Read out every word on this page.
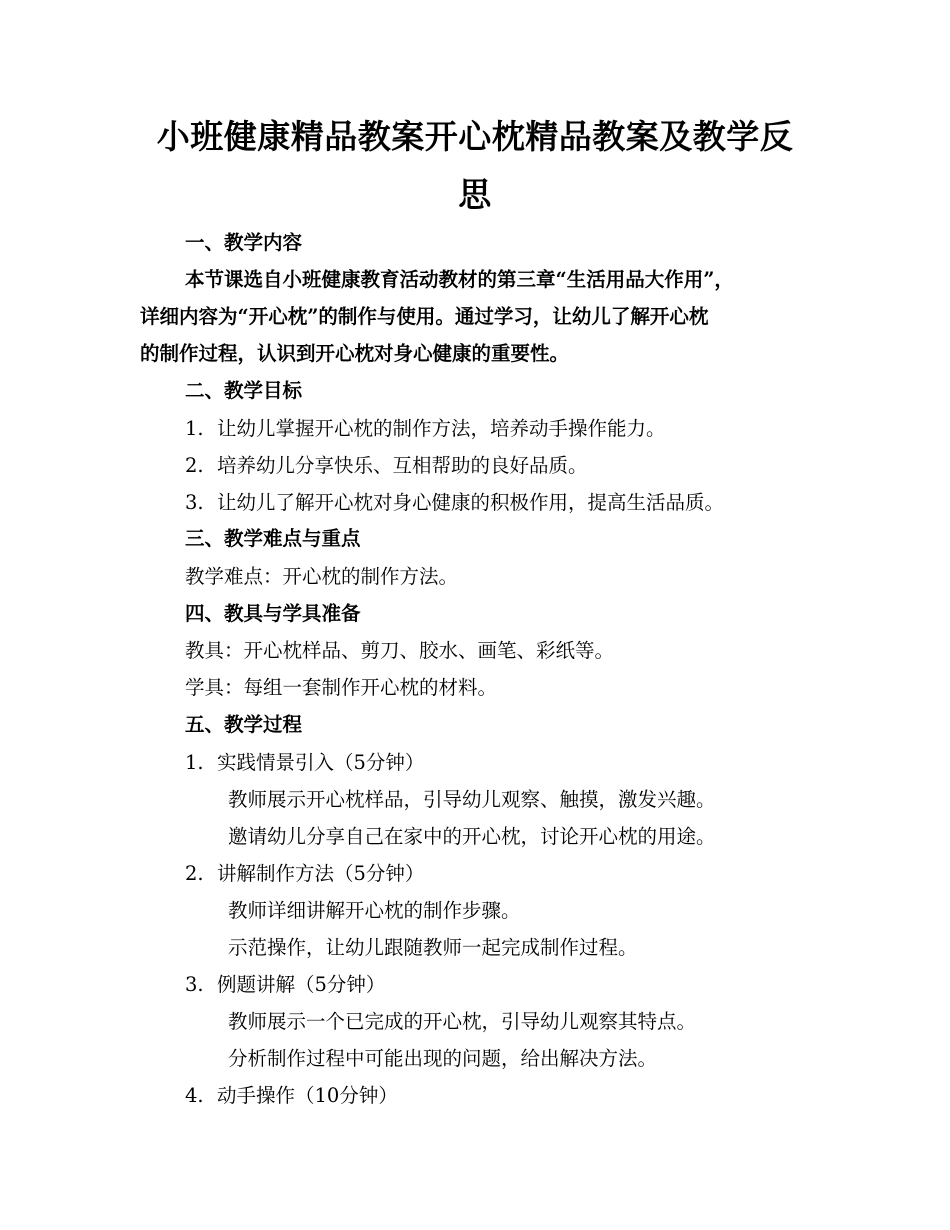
小班健康精品教案开心枕精品教案及教学反
思

一、教学内容

本节课选自小班健康教育活动教材的第三章“生活用品大作用”，

详细内容为“开心枕”的制作与使用。通过学习，让幼儿了解开心枕

的制作过程，认识到开心枕对身心健康的重要性。

二、教学目标

1. 让幼儿掌握开心枕的制作方法，培养动手操作能力。

2. 培养幼儿分享快乐、互相帮助的良好品质。

3. 让幼儿了解开心枕对身心健康的积极作用，提高生活品质。

三、教学难点与重点

教学难点：开心枕的制作方法。

四、教具与学具准备

教具：开心枕样品、剪刀、胶水、画笔、彩纸等。

学具：每组一套制作开心枕的材料。

五、教学过程

1. 实践情景引入（5分钟）

教师展示开心枕样品，引导幼儿观察、触摸，激发兴趣。

邀请幼儿分享自己在家中的开心枕，讨论开心枕的用途。

2. 讲解制作方法（5分钟）

教师详细讲解开心枕的制作步骤。

示范操作，让幼儿跟随教师一起完成制作过程。

3. 例题讲解（5分钟）

教师展示一个已完成的开心枕，引导幼儿观察其特点。

分析制作过程中可能出现的问题，给出解决方法。

4. 动手操作（10分钟）
